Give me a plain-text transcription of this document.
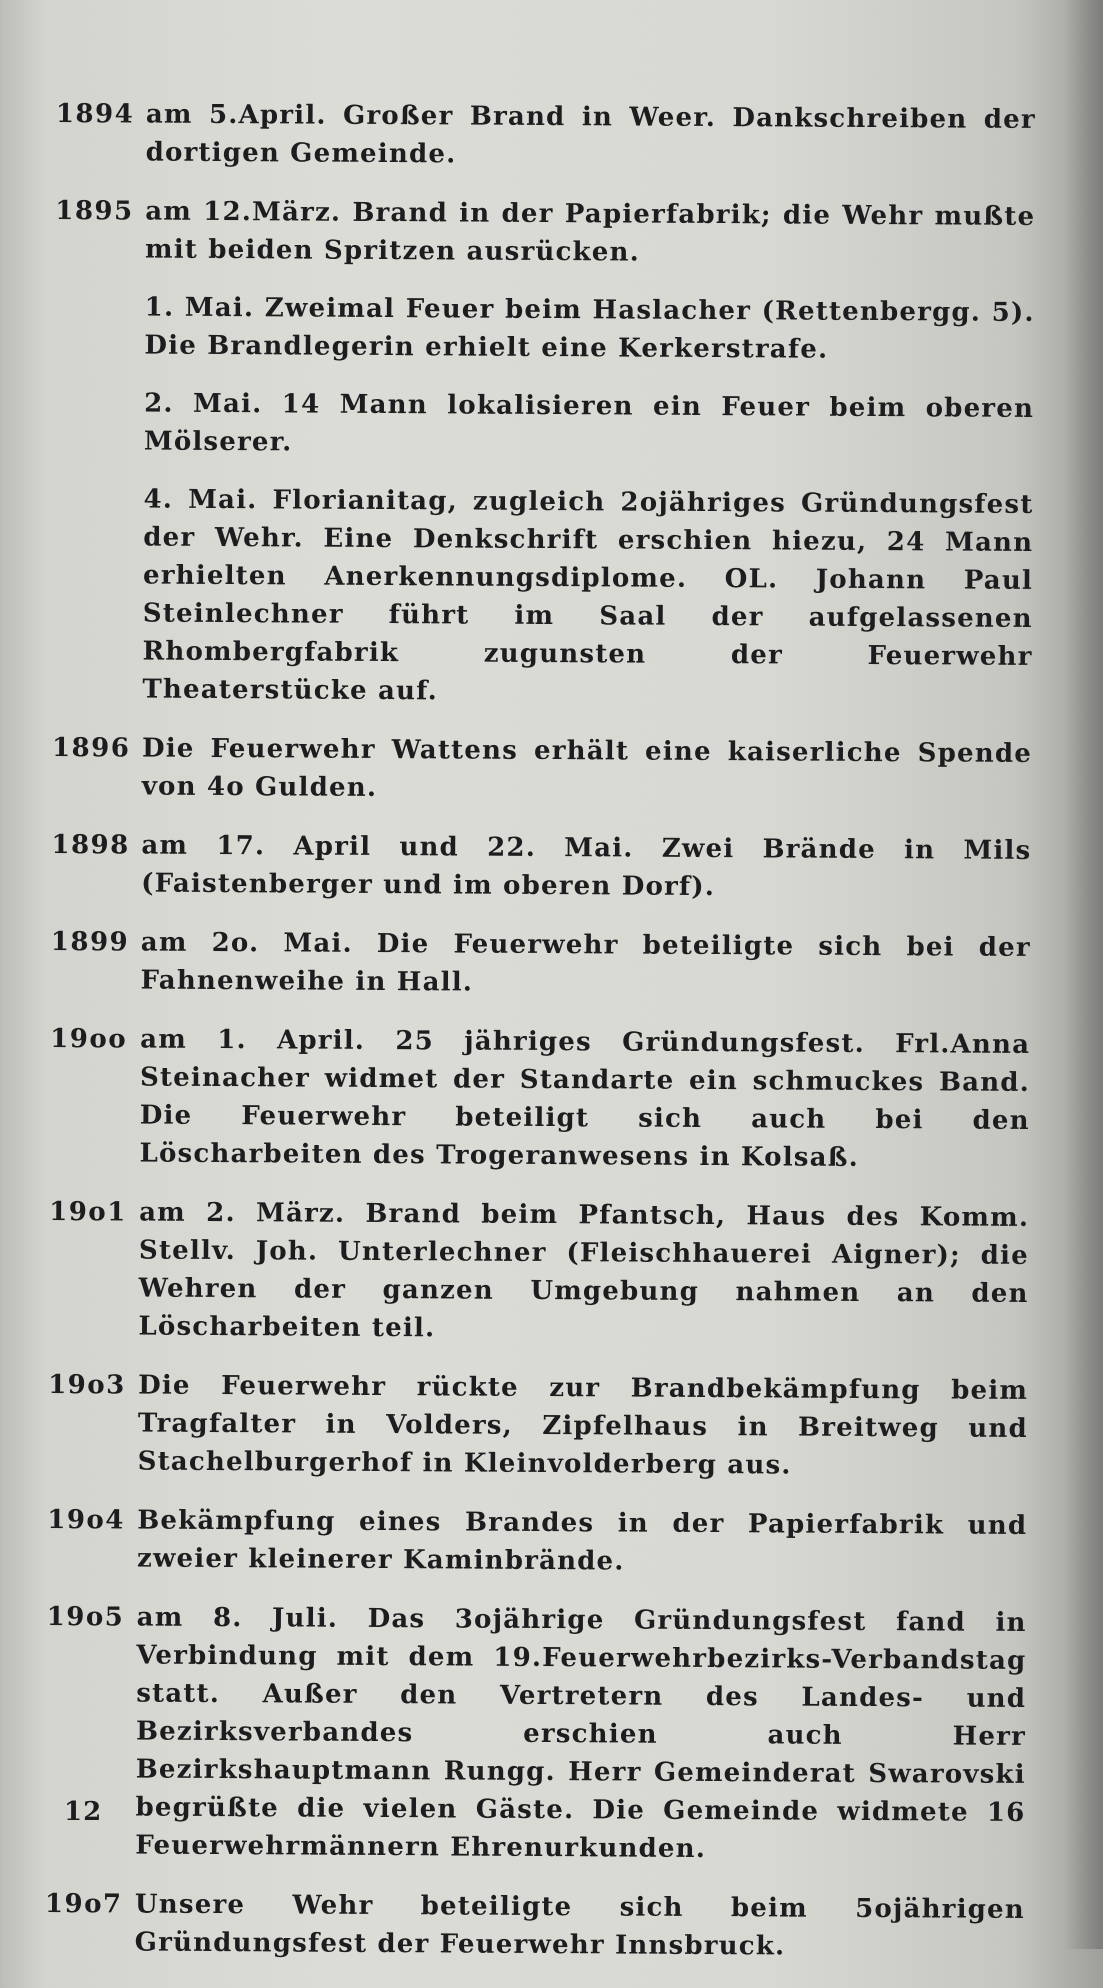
1894 am 5.April. Großer Brand in Weer. Dankschreiben der dortigen Gemeinde.

1895 am 12.März. Brand in der Papierfabrik; die Wehr mußte mit beiden Spritzen ausrücken.

1. Mai. Zweimal Feuer beim Haslacher (Rettenbergg. 5). Die Brandlegerin erhielt eine Kerkerstrafe.

2. Mai. 14 Mann lokalisieren ein Feuer beim oberen Mölserer.

4. Mai. Florianitag, zugleich 2ojähriges Gründungsfest der Wehr. Eine Denkschrift erschien hiezu, 24 Mann erhielten Anerkennungsdiplome. OL. Johann Paul Steinlechner führt im Saal der aufgelassenen Rhombergfabrik zugunsten der Feuerwehr Theaterstücke auf.

1896 Die Feuerwehr Wattens erhält eine kaiserliche Spende von 4o Gulden.

1898 am 17. April und 22. Mai. Zwei Brände in Mils (Faistenberger und im oberen Dorf).

1899 am 2o. Mai. Die Feuerwehr beteiligte sich bei der Fahnenweihe in Hall.

19oo am 1. April. 25 jähriges Gründungsfest. Frl.Anna Steinacher widmet der Standarte ein schmuckes Band. Die Feuerwehr beteiligt sich auch bei den Löscharbeiten des Trogeranwesens in Kolsaß.

19o1 am 2. März. Brand beim Pfantsch, Haus des Komm. Stellv. Joh. Unterlechner (Fleischhauerei Aigner); die Wehren der ganzen Umgebung nahmen an den Löscharbeiten teil.

19o3 Die Feuerwehr rückte zur Brandbekämpfung beim Tragfalter in Volders, Zipfelhaus in Breitweg und Stachelburgerhof in Kleinvolderberg aus.

19o4 Bekämpfung eines Brandes in der Papierfabrik und zweier kleinerer Kaminbrände.

19o5 am 8. Juli. Das 3ojährige Gründungsfest fand in Verbindung mit dem 19.Feuerwehrbezirks-Verbandstag statt. Außer den Vertretern des Landes- und Bezirksverbandes erschien auch Herr Bezirkshauptmann Rungg. Herr Gemeinderat Swarovski begrüßte die vielen Gäste. Die Gemeinde widmete 16 Feuerwehrmännern Ehrenurkunden.

19o7 Unsere Wehr beteiligte sich beim 5ojährigen Gründungsfest der Feuerwehr Innsbruck.

12
